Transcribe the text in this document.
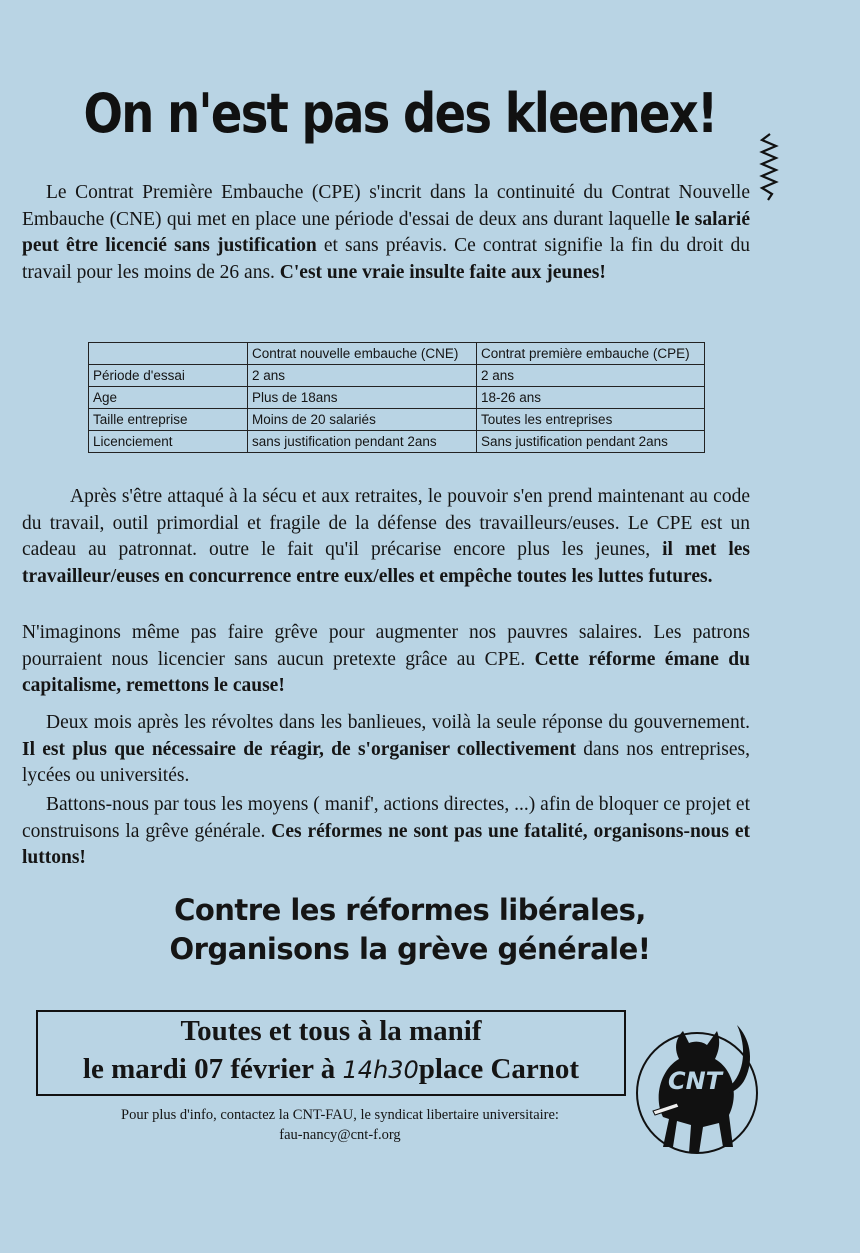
On n'est pas des kleenex!

Le Contrat Première Embauche (CPE) s'incrit dans la continuité du Contrat Nouvelle Embauche (CNE) qui met en place une période d'essai de deux ans durant laquelle le salarié peut être licencié sans justification et sans préavis. Ce contrat signifie la fin du droit du travail pour les moins de 26 ans. C'est une vraie insulte faite aux jeunes!

	Contrat nouvelle embauche (CNE)	Contrat première embauche (CPE)
Période d'essai	2 ans	2 ans
Age	Plus de 18ans	18-26 ans
Taille entreprise	Moins de 20 salariés	Toutes les entreprises
Licenciement	sans justification pendant 2ans	Sans justification pendant 2ans

Après s'être attaqué à la sécu et aux retraites, le pouvoir s'en prend maintenant au code du travail, outil primordial et fragile de la défense des travailleurs/euses. Le CPE est un cadeau au patronnat. outre le fait qu'il précarise encore plus les jeunes, il met les travailleur/euses en concurrence entre eux/elles et empêche toutes les luttes futures.

N'imaginons même pas faire grêve pour augmenter nos pauvres salaires. Les patrons pourraient nous licencier sans aucun pretexte grâce au CPE. Cette réforme émane du capitalisme, remettons le cause!

Deux mois après les révoltes dans les banlieues, voilà la seule réponse du gouvernement. Il est plus que nécessaire de réagir, de s'organiser collectivement dans nos entreprises, lycées ou universités.

Battons-nous par tous les moyens ( manif', actions directes, ...) afin de bloquer ce projet et construisons la grêve générale. Ces réformes ne sont pas une fatalité, organisons-nous et luttons!

Contre les réformes libérales,
Organisons la grève générale!
Toutes et tous à la manif
le mardi 07 février à 14h30place Carnot
Pour plus d'info, contactez la CNT-FAU, le syndicat libertaire universitaire:
fau-nancy@cnt-f.org
CNT
